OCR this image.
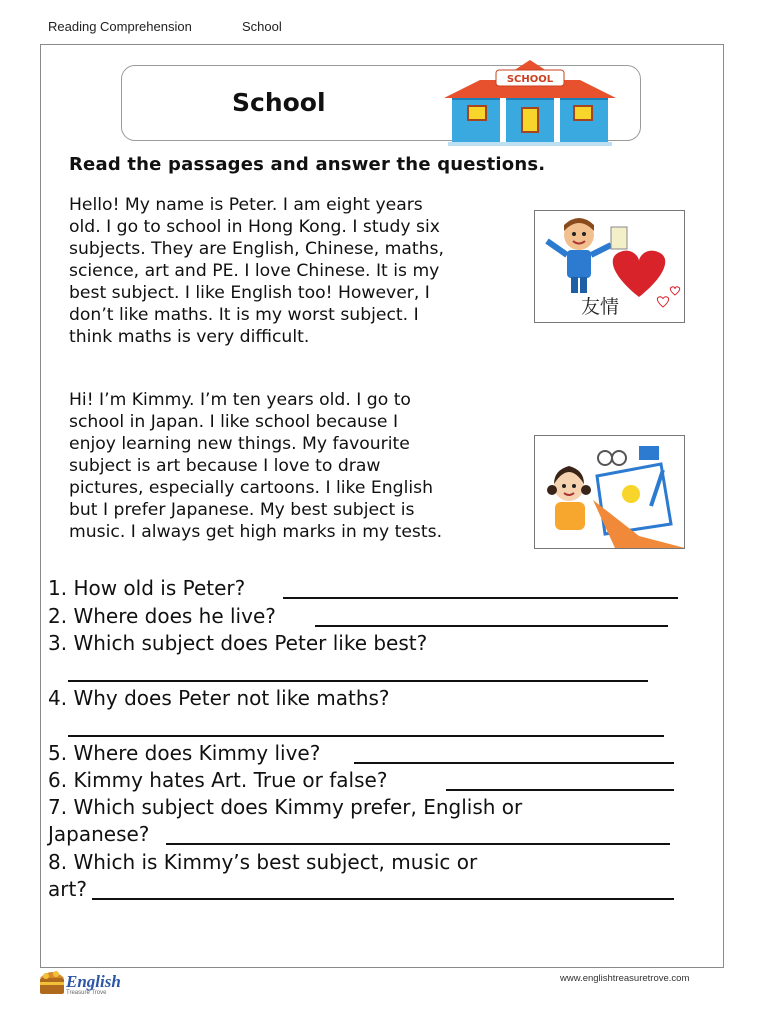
Reading Comprehension	School
School
SCHOOL
Read the passages and answer the questions.
Hello! My name is Peter. I am eight years
old. I go to school in Hong Kong. I study six
subjects. They are English, Chinese, maths,
science, art and PE. I love Chinese. It is my
best subject. I like English too! However, I
don’t like maths. It is my worst subject. I
think maths is very difficult.
Hi! I’m Kimmy. I’m ten years old. I go to
school in Japan. I like school because I
enjoy learning new things. My favourite
subject is art because I love to draw
pictures, especially cartoons. I like English
but I prefer Japanese. My best subject is
music. I always get high marks in my tests.
友情
1. How old is Peter?
2. Where does he live?
3. Which subject does Peter like best?
4. Why does Peter not like maths?
5. Where does Kimmy live?
6. Kimmy hates Art. True or false?
7. Which subject does Kimmy prefer, English or
Japanese?
8. Which is Kimmy’s best subject, music or
art?
English
Treasure Trove
www.englishtreasuretrove.com
